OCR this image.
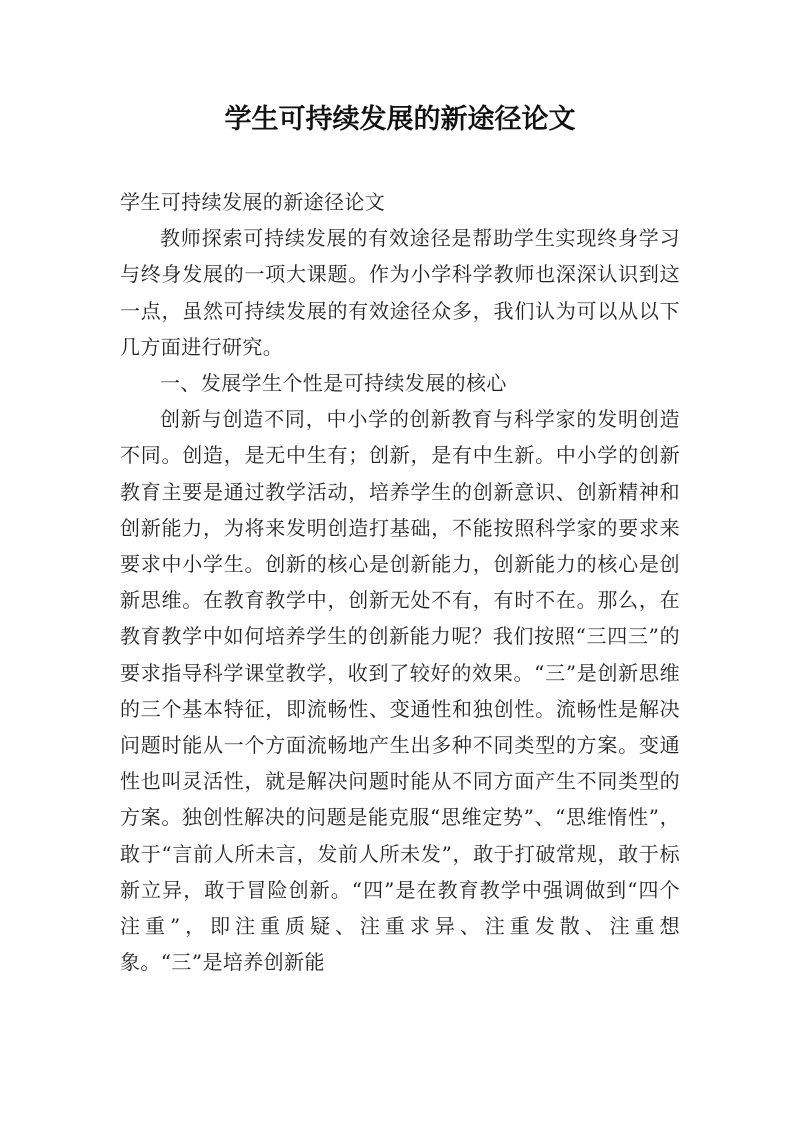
学生可持续发展的新途径论文

学生可持续发展的新途径论文

教师探索可持续发展的有效途径是帮助学生实现终身学习与终身发展的一项大课题。作为小学科学教师也深深认识到这一点，虽然可持续发展的有效途径众多，我们认为可以从以下几方面进行研究。

一、发展学生个性是可持续发展的核心

创新与创造不同，中小学的创新教育与科学家的发明创造不同。创造，是无中生有；创新，是有中生新。中小学的创新教育主要是通过教学活动，培养学生的创新意识、创新精神和创新能力，为将来发明创造打基础，不能按照科学家的要求来要求中小学生。创新的核心是创新能力，创新能力的核心是创新思维。在教育教学中，创新无处不有，有时不在。那么，在教育教学中如何培养学生的创新能力呢？我们按照“三四三”的要求指导科学课堂教学，收到了较好的效果。“三”是创新思维的三个基本特征，即流畅性、变通性和独创性。流畅性是解决问题时能从一个方面流畅地产生出多种不同类型的方案。变通性也叫灵活性，就是解决问题时能从不同方面产生不同类型的方案。独创性解决的问题是能克服“思维定势”、“思维惰性”，敢于“言前人所未言，发前人所未发”，敢于打破常规，敢于标新立异，敢于冒险创新。“四”是在教育教学中强调做到“四个注重”，即注重质疑、注重求异、注重发散、注重想象。“三”是培养创新能
